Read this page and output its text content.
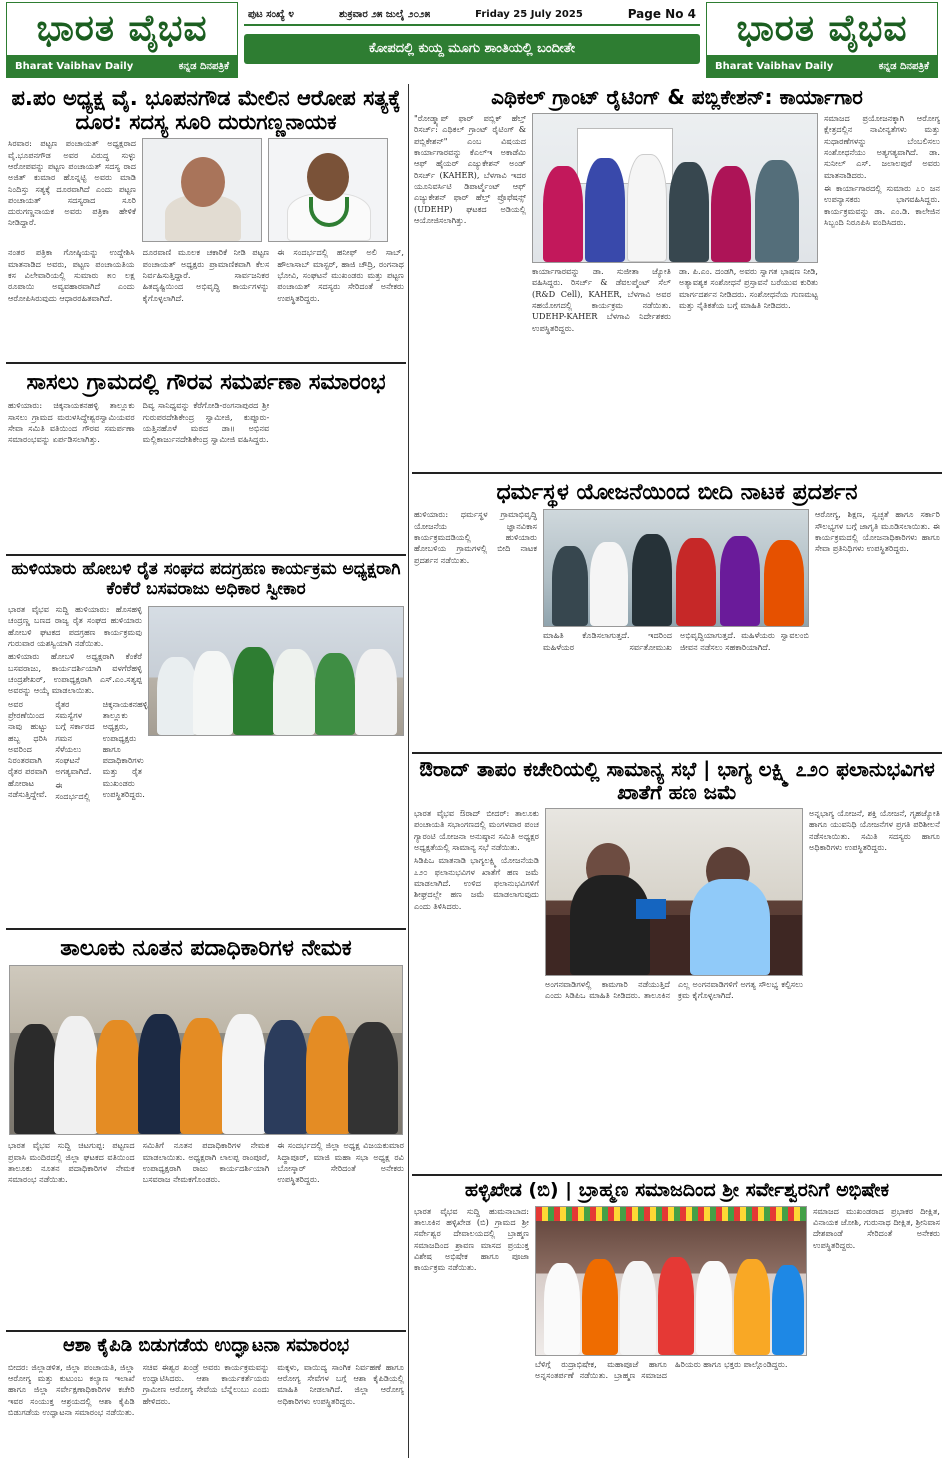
ಭಾರತ ವೈಭವ
Bharat Vaibhav Daily	ಕನ್ನಡ ದಿನಪತ್ರಿಕೆ
ಪುಟ ಸಂಖ್ಯೆ ೪	ಶುಕ್ರವಾರ ೨೫ ಜುಲೈ ೨೦೨೫	Friday 25 July 2025	Page No 4
ಕೋಪದಲ್ಲಿ ಕುಯ್ದ ಮೂಗು ಶಾಂತಿಯಲ್ಲಿ ಬಂದೀತೇ	ಭಾರತ ವೈಭವ
Bharat Vaibhav Daily	ಕನ್ನಡ ದಿನಪತ್ರಿಕೆ
ಪ.ಪಂ ಅಧ್ಯಕ್ಷ ವೈ. ಭೂಪನಗೌಡ ಮೇಲಿನ ಆರೋಪ ಸತ್ಯಕ್ಕೆ ದೂರ: ಸದಸ್ಯ ಸೂರಿ ದುರುಗಣ್ಣನಾಯಕ

ಸಿರವಾರ: ಪಟ್ಟಣ ಪಂಚಾಯತ್ ಅಧ್ಯಕ್ಷರಾದ ವೈ.ಭೂಪನಗೌಡ ಅವರ ವಿರುದ್ಧ ಸುಳ್ಳು ಆರೋಪವನ್ನು ಪಟ್ಟಣ ಪಂಚಾಯತ್ ಸದಸ್ಯ ರಾದ ಅಜಿತ್ ಕುಮಾರ ಹೊನ್ನಟ್ಟಿ ಅವರು ಮಾಡಿ ನಿಂದಿಸ್ತು ಸತ್ಯಕ್ಕೆ ದೂರವಾಗಿದೆ ಎಂದು ಪಟ್ಟಣ ಪಂಚಾಯತ್ ಸದಸ್ಯರಾದ ಸೂರಿ ದುರುಗಣ್ಣನಾಯಕ ಅವರು ಪತ್ರಿಕಾ ಹೇಳಿಕೆ ನೀಡಿದ್ದಾರೆ.

ನಂತರ ಪತ್ರಿಕಾ ಗೋಷ್ಠಿಯನ್ನು ಉದ್ದೇಶಿಸಿ ಮಾತನಾಡಿದ ಅವರು, ಪಟ್ಟಣ ಪಂಚಾಯತಿಯ ಕಸ ವಿಲೇವಾರಿಯಲ್ಲಿ ಸುಮಾರು ೫೦ ಲಕ್ಷ ರೂಪಾಯಿ ಅವ್ಯವಹಾರವಾಗಿದೆ ಎಂದು ಆರೋಪಿಸಿರುವುದು ಆಧಾರರಹಿತವಾಗಿದೆ.

ದೂರವಾಣಿ ಮೂಲಕ ಚಕಾರಿಕೆ ನೀಡಿ ಪಟ್ಟಣ ಪಂಚಾಯತ್ ಅಧ್ಯಕ್ಷರು ಪ್ರಾಮಾಣಿಕವಾಗಿ ಕೆಲಸ ನಿರ್ವಹಿಸುತ್ತಿದ್ದಾರೆ. ಸಾರ್ವಜನಿಕರ ಹಿತದೃಷ್ಟಿಯಿಂದ ಅಭಿವೃದ್ಧಿ ಕಾರ್ಯಗಳನ್ನು ಕೈಗೊಳ್ಳಲಾಗಿದೆ.

ಈ ಸಂದರ್ಭದಲ್ಲಿ ಹನೀಫ್ ಅಲಿ ಸಾಬ್, ಹೌಲಾಸಾಬ್ ಮಾಸ್ಟರ್, ಹಾಜಿ ಚೌದ್ರಿ, ರಂಗನಾಥ ಭೋವಿ, ಸಂಘಟನೆ ಮುಖಂಡರು ಮತ್ತು ಪಟ್ಟಣ ಪಂಚಾಯತ್ ಸದಸ್ಯರು ಸೇರಿದಂತೆ ಅನೇಕರು ಉಪಸ್ಥಿತರಿದ್ದರು.

ಸಾಸಲು ಗ್ರಾಮದಲ್ಲಿ ಗೌರವ ಸಮರ್ಪಣಾ ಸಮಾರಂಭ

ಹುಳಿಯಾರು: ಚಿಕ್ಕನಾಯಕನಹಳ್ಳಿ ತಾಲ್ಲೂಕು ಸಾಸಲು ಗ್ರಾಮದ ಮರುಳಸಿದ್ಧೇಶ್ವರಸ್ವಾಮಿಯವರ ಸೇವಾ ಸಮಿತಿ ವತಿಯಿಂದ ಗೌರವ ಸಮರ್ಪಣಾ ಸಮಾರಂಭವನ್ನು ಏರ್ಪಡಿಸಲಾಗಿತ್ತು.

ದಿವ್ಯ ಸಾನಿಧ್ಯವನ್ನು ಕೆರೆಗೋಡಿ-ರಂಗನಾಪುರದ ಶ್ರೀ ಗುರುಪರದೇಶಿಕೇಂದ್ರ ಸ್ವಾಮೀಜಿ, ಕುಪ್ಪೂರು-ಯತ್ತಿನಹೊಳೆ ಮಠದ ಡಾ॥ ಅಭಿನವ ಮಲ್ಲಿಕಾರ್ಜುನದೇಶಿಕೇಂದ್ರ ಸ್ವಾಮೀಜಿ ವಹಿಸಿದ್ದರು.

ಹುಳಿಯಾರು ಹೋಬಳಿ ರೈತ ಸಂಘದ ಪದಗ್ರಹಣ ಕಾರ್ಯಕ್ರಮ ಅಧ್ಯಕ್ಷರಾಗಿ ಕೆಂಕೆರೆ ಬಸವರಾಜು ಅಧಿಕಾರ ಸ್ವೀಕಾರ

ಭಾರತ ವೈಭವ ಸುದ್ದಿ ಹುಳಿಯಾರು: ಹೊಸಹಳ್ಳಿ ಚಂದ್ರಣ್ಣ ಬಣದ ರಾಜ್ಯ ರೈತ ಸಂಘದ ಹುಳಿಯಾರು ಹೋಬಳಿ ಘಟಕದ ಪದಗ್ರಹಣ ಕಾರ್ಯಕ್ರಮವು ಗುರುವಾರ ಯಶಸ್ವಿಯಾಗಿ ನಡೆಯಿತು.

ಹುಳಿಯಾರು ಹೋಬಳಿ ಅಧ್ಯಕ್ಷರಾಗಿ ಕೆಂಕೆರೆ ಬಸವರಾಜು, ಕಾರ್ಯದರ್ಶಿಯಾಗಿ ವಳಗೆರೆಹಳ್ಳಿ ಚಂದ್ರಶೇಖರ್, ಉಪಾಧ್ಯಕ್ಷರಾಗಿ ಎಸ್.ಎಂ.ಸತ್ಯಪ್ಪ ಅವರನ್ನು ಆಯ್ಕೆ ಮಾಡಲಾಯಿತು.

ಅವರ ಪ್ರೇರಣೆಯಿಂದ ನಾವು ಹುಟ್ಟು ಹಬ್ಬ ಧರಿಸಿ ಅವರಿಂದ ನಿರಂತರವಾಗಿ ರೈತರ ಪರವಾಗಿ ಹೋರಾಟ ನಡೆಸುತ್ತಿದ್ದೇವೆ. ರೈತರ ಸಮಸ್ಯೆಗಳ ಬಗ್ಗೆ ಸರ್ಕಾರದ ಗಮನ ಸೆಳೆಯಲು ಸಂಘಟನೆ ಅಗತ್ಯವಾಗಿದೆ.

ಈ ಸಂದರ್ಭದಲ್ಲಿ ಚಿಕ್ಕನಾಯಕನಹಳ್ಳಿ ತಾಲ್ಲೂಕು ಅಧ್ಯಕ್ಷರು, ಉಪಾಧ್ಯಕ್ಷರು ಹಾಗೂ ಪದಾಧಿಕಾರಿಗಳು ಮತ್ತು ರೈತ ಮುಖಂಡರು ಉಪಸ್ಥಿತರಿದ್ದರು.

ತಾಲೂಕು ನೂತನ ಪದಾಧಿಕಾರಿಗಳ ನೇಮಕ

ಭಾರತ ವೈಭವ ಸುದ್ದಿ ಚಿಟಗುಪ್ಪ: ಪಟ್ಟಣದ ಪ್ರವಾಸಿ ಮಂದಿರದಲ್ಲಿ ಜಿಲ್ಲಾ ಘಟಕದ ವತಿಯಿಂದ ತಾಲೂಕು ನೂತನ ಪದಾಧಿಕಾರಿಗಳ ನೇಮಕ ಸಮಾರಂಭ ನಡೆಯಿತು.

ಸಮಿತಿಗೆ ನೂತನ ಪದಾಧಿಕಾರಿಗಳ ನೇಮಕ ಮಾಡಲಾಯಿತು. ಅಧ್ಯಕ್ಷರಾಗಿ ಲಾಲಪ್ಪ ರಾಂಪೂರೆ, ಉಪಾಧ್ಯಕ್ಷರಾಗಿ ರಾಜು ಕಾರ್ಯದರ್ಶಿಯಾಗಿ ಬಸವರಾಜ ನೇಮಕಗೊಂಡರು.

ಈ ಸಂದರ್ಭದಲ್ಲಿ ಜಿಲ್ಲಾ ಅಧ್ಯಕ್ಷ ವಿಜಯಕುಮಾರ ಸಿದ್ಧಾಪೂರ್, ಮಾಜಿ ಮಹಾ ಸಭಾ ಅಧ್ಯಕ್ಷ ರವಿ ಬೋಸ್ಕಾರ್ ಸೇರಿದಂತೆ ಅನೇಕರು ಉಪಸ್ಥಿತರಿದ್ದರು.

ಆಶಾ ಕೈಪಿಡಿ ಬಿಡುಗಡೆಯ ಉದ್ಘಾಟನಾ ಸಮಾರಂಭ

ಬೀದರ: ಜಿಲ್ಲಾಡಳಿತ, ಜಿಲ್ಲಾ ಪಂಚಾಯತಿ, ಜಿಲ್ಲಾ ಆರೋಗ್ಯ ಮತ್ತು ಕುಟುಂಬ ಕಲ್ಯಾಣ ಇಲಾಖೆ ಹಾಗೂ ಜಿಲ್ಲಾ ಸರ್ವೇಕ್ಷಣಾಧಿಕಾರಿಗಳ ಕಚೇರಿ ಇವರ ಸಂಯುಕ್ತ ಆಶ್ರಯದಲ್ಲಿ ಆಶಾ ಕೈಪಿಡಿ ಬಿಡುಗಡೆಯ ಉದ್ಘಾಟನಾ ಸಮಾರಂಭ ನಡೆಯಿತು.

ಸಚಿವ ಈಶ್ವರ ಖಂಡ್ರೆ ಅವರು ಕಾರ್ಯಕ್ರಮವನ್ನು ಉದ್ಘಾಟಿಸಿದರು. ಆಶಾ ಕಾರ್ಯಕರ್ತೆಯರು ಗ್ರಾಮೀಣ ಆರೋಗ್ಯ ಸೇವೆಯ ಬೆನ್ನೆಲುಬು ಎಂದು ಹೇಳಿದರು.

ಮಕ್ಕಳು, ವಾಯಿದ್ಯ ಸಾಂಗಿಕ ನಿರ್ವಹಣೆ ಹಾಗೂ ಆರೋಗ್ಯ ಸೇವೆಗಳ ಬಗ್ಗೆ ಆಶಾ ಕೈಪಿಡಿಯಲ್ಲಿ ಮಾಹಿತಿ ನೀಡಲಾಗಿದೆ. ಜಿಲ್ಲಾ ಆರೋಗ್ಯ ಅಧಿಕಾರಿಗಳು ಉಪಸ್ಥಿತರಿದ್ದರು.

ಎಥಿಕಲ್ ಗ್ರಾಂಟ್ ರೈಟಿಂಗ್ & ಪಬ್ಲಿಕೇಶನ್: ಕಾರ್ಯಾಗಾರ

"ರೋಡ್ಮ್ಯಾಪ್ ಫಾರ್ ಪಬ್ಲಿಕ್ ಹೆಲ್ತ್ ರಿಸರ್ಚ್: ಎಥಿಕಲ್ ಗ್ರಾಂಟ್ ರೈಟಿಂಗ್ & ಪಬ್ಲಿಕೇಶನ್" ಎಂಬ ವಿಷಯದ ಕಾರ್ಯಾಗಾರವನ್ನು ಕೆಎಲ್ಇ ಅಕಾಡೆಮಿ ಆಫ್ ಹೈಯರ್ ಎಜ್ಯುಕೇಶನ್ ಅಂಡ್ ರಿಸರ್ಚ್ (KAHER), ಬೆಳಗಾವಿ ಇದರ ಯೂನಿವರ್ಸಿಟಿ ಡಿಪಾರ್ಟ್ಮೆಂಟ್ ಆಫ್ ಎಜ್ಯುಕೇಶನ್ ಫಾರ್ ಹೆಲ್ತ್ ಪ್ರೊಫೆಷನ್ಸ್ (UDEHP) ಘಟಕದ ಅಡಿಯಲ್ಲಿ ಆಯೋಜಿಸಲಾಗಿತ್ತು.

ಕಾರ್ಯಾಗಾರವನ್ನು ಡಾ. ಸುಜೀತಾ ಜ್ಯೋತಿ ವಹಿಸಿದ್ದರು. ರಿಸರ್ಚ್ & ಡೆವಲಪ್ಮೆಂಟ್ ಸೆಲ್ (R&D Cell), KAHER, ಬೆಳಗಾವಿ ಅವರ ಸಹಯೋಗದಲ್ಲಿ ಕಾರ್ಯಕ್ರಮ ನಡೆಯಿತು. UDEHP-KAHER ಬೆಳಗಾವಿ ನಿರ್ದೇಶಕರು ಉಪಸ್ಥಿತರಿದ್ದರು.

ಡಾ. ಪಿ.ಎಂ. ದಂಡಗಿ, ಅವರು ಸ್ವಾಗತ ಭಾಷಣ ನೀಡಿ, ಅತ್ಯಾವಶ್ಯಕ ಸಂಶೋಧನೆ ಪ್ರಸ್ತಾವನೆ ಬರೆಯುವ ಕುರಿತು ಮಾರ್ಗದರ್ಶನ ನೀಡಿದರು. ಸಂಶೋಧನೆಯ ಗುಣಮಟ್ಟ ಮತ್ತು ನೈತಿಕತೆಯ ಬಗ್ಗೆ ಮಾಹಿತಿ ನೀಡಿದರು.

ಸಮಾಜದ ಪ್ರಯೋಜನಕ್ಕಾಗಿ ಆರೋಗ್ಯ ಕ್ಷೇತ್ರದಲ್ಲಿನ ನಾವೀನ್ಯತೆಗಳು ಮತ್ತು ಸುಧಾರಣೆಗಳನ್ನು ಬೆಂಬಲಿಸಲು ಸಂಶೋಧನೆಯು ಅತ್ಯಗತ್ಯವಾಗಿದೆ. ಡಾ. ಸುನೀಲ್ ಎಸ್. ಜಲಾಲಪುರೆ ಅವರು ಮಾತನಾಡಿದರು.

ಈ ಕಾರ್ಯಾಗಾರದಲ್ಲಿ ಸುಮಾರು ೭೦ ಜನ ಉಪನ್ಯಾಸಕರು ಭಾಗವಹಿಸಿದ್ದರು. ಕಾರ್ಯಕ್ರಮವನ್ನು ಡಾ. ಎಂ.ಡಿ. ಕಾಲೇಜಿನ ಸಿಬ್ಬಂದಿ ನಿರೂಪಿಸಿ ವಂದಿಸಿದರು.

ಧರ್ಮಸ್ಥಳ ಯೋಜನೆಯಿಂದ ಬೀದಿ ನಾಟಕ ಪ್ರದರ್ಶನ

ಹುಳಿಯಾರು: ಧರ್ಮಸ್ಥಳ ಗ್ರಾಮಾಭಿವೃದ್ಧಿ ಯೋಜನೆಯ ಜ್ಞಾನವಿಕಾಸ ಕಾರ್ಯಕ್ರಮದಡಿಯಲ್ಲಿ ಹುಳಿಯಾರು ಹೋಬಳಿಯ ಗ್ರಾಮಗಳಲ್ಲಿ ಬೀದಿ ನಾಟಕ ಪ್ರದರ್ಶನ ನಡೆಯಿತು.

ಮಾಹಿತಿ ಕೊಡಿಸಲಾಗುತ್ತದೆ. ಇದರಿಂದ ಮಹಿಳೆಯರ ಸರ್ವತೋಮುಖ ಅಭಿವೃದ್ಧಿಯಾಗುತ್ತದೆ. ಮಹಿಳೆಯರು ಸ್ವಾವಲಂಬಿ ಜೀವನ ನಡೆಸಲು ಸಹಕಾರಿಯಾಗಿದೆ.

ಆರೋಗ್ಯ, ಶಿಕ್ಷಣ, ಸ್ವಚ್ಛತೆ ಹಾಗೂ ಸರ್ಕಾರಿ ಸೌಲಭ್ಯಗಳ ಬಗ್ಗೆ ಜಾಗೃತಿ ಮೂಡಿಸಲಾಯಿತು. ಈ ಕಾರ್ಯಕ್ರಮದಲ್ಲಿ ಯೋಜನಾಧಿಕಾರಿಗಳು ಹಾಗೂ ಸೇವಾ ಪ್ರತಿನಿಧಿಗಳು ಉಪಸ್ಥಿತರಿದ್ದರು.

ಔರಾದ್ ತಾಪಂ ಕಚೇರಿಯಲ್ಲಿ ಸಾಮಾನ್ಯ ಸಭೆ | ಭಾಗ್ಯ ಲಕ್ಷ್ಮಿ ೭೨೦ ಫಲಾನುಭವಿಗಳ ಖಾತೆಗೆ ಹಣ ಜಮೆ

ಭಾರತ ವೈಭವ ಔರಾದ್ ಬೀದರ್: ತಾಲೂಕು ಪಂಚಾಯತಿ ಸಭಾಂಗಣದಲ್ಲಿ ಮಂಗಳವಾರ ಪಂಚ ಗ್ಯಾರಂಟಿ ಯೋಜನಾ ಅನುಷ್ಠಾನ ಸಮಿತಿ ಅಧ್ಯಕ್ಷರ ಅಧ್ಯಕ್ಷತೆಯಲ್ಲಿ ಸಾಮಾನ್ಯ ಸಭೆ ನಡೆಯಿತು.

ಸಿಡಿಪಿಒ ಮಾತನಾಡಿ ಭಾಗ್ಯಲಕ್ಷ್ಮಿ ಯೋಜನೆಯಡಿ ೭೨೦ ಫಲಾನುಭವಿಗಳ ಖಾತೆಗೆ ಹಣ ಜಮೆ ಮಾಡಲಾಗಿದೆ. ಉಳಿದ ಫಲಾನುಭವಿಗಳಿಗೆ ಶೀಘ್ರದಲ್ಲೇ ಹಣ ಜಮೆ ಮಾಡಲಾಗುವುದು ಎಂದು ತಿಳಿಸಿದರು.

ಅಂಗನವಾಡಿಗಳಲ್ಲಿ ಕಾಮಗಾರಿ ನಡೆಯುತ್ತಿದೆ ಎಂದು ಸಿಡಿಪಿಒ ಮಾಹಿತಿ ನೀಡಿದರು. ತಾಲೂಕಿನ ಎಲ್ಲ ಅಂಗನವಾಡಿಗಳಿಗೆ ಅಗತ್ಯ ಸೌಲಭ್ಯ ಕಲ್ಪಿಸಲು ಕ್ರಮ ಕೈಗೊಳ್ಳಲಾಗಿದೆ.

ಅನ್ನಭಾಗ್ಯ ಯೋಜನೆ, ಶಕ್ತಿ ಯೋಜನೆ, ಗೃಹಜ್ಯೋತಿ ಹಾಗೂ ಯುವನಿಧಿ ಯೋಜನೆಗಳ ಪ್ರಗತಿ ಪರಿಶೀಲನೆ ನಡೆಸಲಾಯಿತು. ಸಮಿತಿ ಸದಸ್ಯರು ಹಾಗೂ ಅಧಿಕಾರಿಗಳು ಉಪಸ್ಥಿತರಿದ್ದರು.

ಹಳ್ಳಿಖೇಡ (ಬಿ) | ಬ್ರಾಹ್ಮಣ ಸಮಾಜದಿಂದ ಶ್ರೀ ಸರ್ವೇಶ್ವರನಿಗೆ ಅಭಿಷೇಕ

ಭಾರತ ವೈಭವ ಸುದ್ದಿ ಹುಮನಾಬಾದ: ತಾಲೂಕಿನ ಹಳ್ಳಿಖೇಡ (ಬಿ) ಗ್ರಾಮದ ಶ್ರೀ ಸರ್ವೇಶ್ವರ ದೇವಾಲಯದಲ್ಲಿ ಬ್ರಾಹ್ಮಣ ಸಮಾಜದಿಂದ ಶ್ರಾವಣ ಮಾಸದ ಪ್ರಯುಕ್ತ ವಿಶೇಷ ಅಭಿಷೇಕ ಹಾಗೂ ಪೂಜಾ ಕಾರ್ಯಕ್ರಮ ನಡೆಯಿತು.

ಬೆಳಿಗ್ಗೆ ರುದ್ರಾಭಿಷೇಕ, ಮಹಾಪೂಜೆ ಹಾಗೂ ಅನ್ನಸಂತರ್ಪಣೆ ನಡೆಯಿತು. ಬ್ರಾಹ್ಮಣ ಸಮಾಜದ ಹಿರಿಯರು ಹಾಗೂ ಭಕ್ತರು ಪಾಲ್ಗೊಂಡಿದ್ದರು.

ಸಮಾಜದ ಮುಖಂಡರಾದ ಪ್ರಭಾಕರ ದೀಕ್ಷಿತ, ವಿನಾಯಕ ಜೋಶಿ, ಗುರುನಾಥ ದೀಕ್ಷಿತ, ಶ್ರೀನಿವಾಸ ದೇಶಪಾಂಡೆ ಸೇರಿದಂತೆ ಅನೇಕರು ಉಪಸ್ಥಿತರಿದ್ದರು.
